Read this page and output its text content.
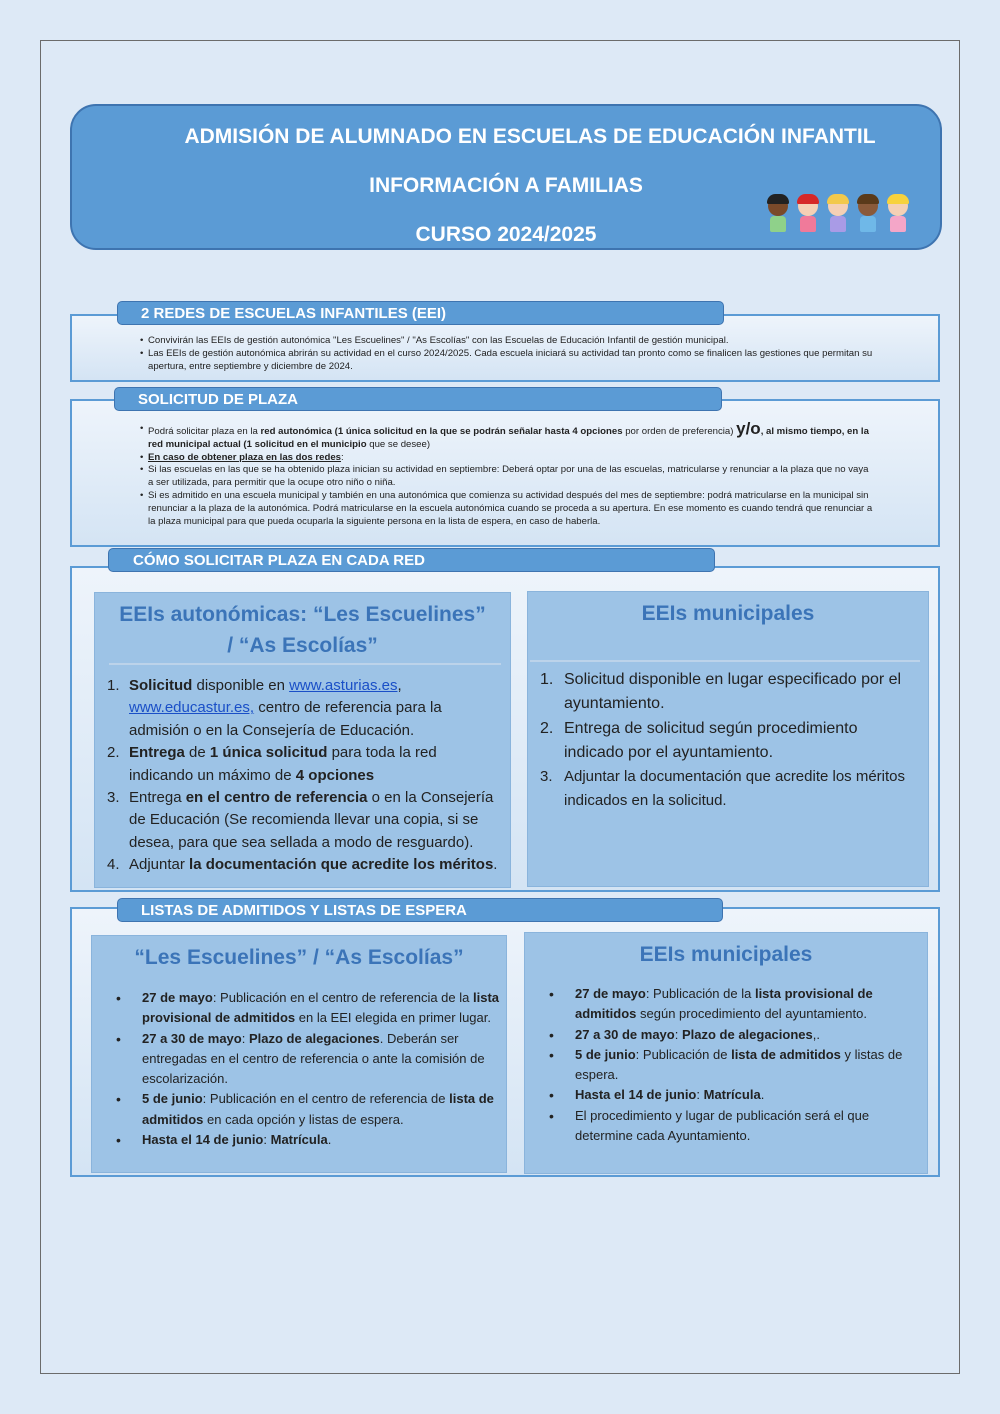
ADMISIÓN DE ALUMNADO EN ESCUELAS DE EDUCACIÓN INFANTIL
INFORMACIÓN A FAMILIAS
CURSO 2024/2025
• Convivirán las EEIs de gestión autonómica "Les Escuelines" / "As Escolías" con las Escuelas de Educación Infantil de gestión municipal.
• Las EEIs de gestión autonómica abrirán su actividad en el curso 2024/2025. Cada escuela iniciará su actividad tan pronto como se finalicen las gestiones que permitan su apertura, entre septiembre y diciembre de 2024.
2 REDES DE ESCUELAS INFANTILES (EEI)
• Podrá solicitar plaza en la red autonómica (1 única solicitud en la que se podrán señalar hasta 4 opciones por orden de preferencia) y/o, al mismo tiempo, en la red municipal actual (1 solicitud en el municipio que se desee)
• En caso de obtener plaza en las dos redes:
• Si las escuelas en las que se ha obtenido plaza inician su actividad en septiembre: Deberá optar por una de las escuelas, matricularse y renunciar a la plaza que no vaya a ser utilizada, para permitir que la ocupe otro niño o niña.
• Si es admitido en una escuela municipal y también en una autonómica que comienza su actividad después del mes de septiembre: podrá matricularse en la municipal sin renunciar a la plaza de la autonómica. Podrá matricularse en la escuela autonómica cuando se proceda a su apertura. En ese momento es cuando tendrá que renunciar a la plaza municipal para que pueda ocuparla la siguiente persona en la lista de espera, en caso de haberla.
SOLICITUD DE PLAZA
EEIs autonómicas: “Les Escuelines” / “As Escolías”
1. Solicitud disponible en www.asturias.es, www.educastur.es, centro de referencia para la admisión o en la Consejería de Educación.
2. Entrega de 1 única solicitud para toda la red indicando un máximo de 4 opciones
3. Entrega en el centro de referencia o en la Consejería de Educación (Se recomienda llevar una copia, si se desea, para que sea sellada a modo de resguardo).
4. Adjuntar la documentación que acredite los méritos.
EEIs municipales
1. Solicitud disponible en lugar especificado por el ayuntamiento.
2. Entrega de solicitud según procedimiento indicado por el ayuntamiento.
3. Adjuntar la documentación que acredite los méritos indicados en la solicitud.
CÓMO SOLICITAR PLAZA EN CADA RED
“Les Escuelines” / “As Escolías”
• 27 de mayo: Publicación en el centro de referencia de la lista provisional de admitidos en la EEI elegida en primer lugar.
• 27 a 30 de mayo: Plazo de alegaciones. Deberán ser entregadas en el centro de referencia o ante la comisión de escolarización.
• 5 de junio: Publicación en el centro de referencia de lista de admitidos en cada opción y listas de espera.
• Hasta el 14 de junio: Matrícula.
EEIs municipales
• 27 de mayo: Publicación de la lista provisional de admitidos según procedimiento del ayuntamiento.
• 27 a 30 de mayo: Plazo de alegaciones,.
• 5 de junio: Publicación de lista de admitidos y listas de espera.
• Hasta el 14 de junio: Matrícula.
• El procedimiento y lugar de publicación será el que determine cada Ayuntamiento.
LISTAS DE ADMITIDOS Y LISTAS DE ESPERA
